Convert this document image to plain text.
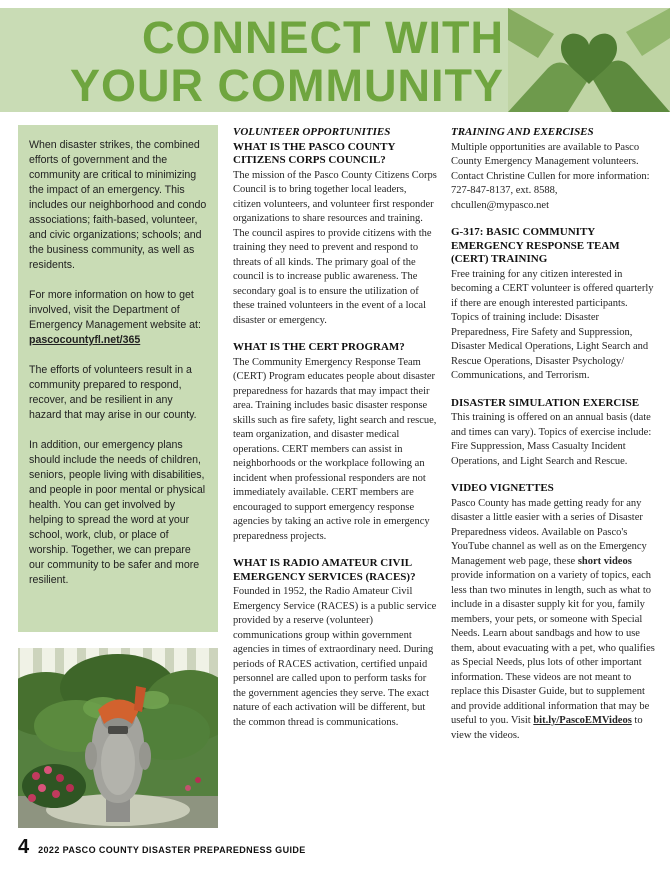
CONNECT WITH
YOUR COMMUNITY

When disaster strikes, the combined efforts of government and the community are critical to minimizing the impact of an emergency. This includes our neighborhood and condo associations; faith-based, volunteer, and civic organizations; schools; and the business community, as well as residents.

For more information on how to get involved, visit the Department of Emergency Management website at:
pascocountyfl.net/365

The efforts of volunteers result in a community prepared to respond, recover, and be resilient in any hazard that may arise in our county.

In addition, our emergency plans should include the needs of children, seniors, people living with disabilities, and people in poor mental or physical health. You can get involved by helping to spread the word at your school, work, club, or place of worship. Together, we can prepare our community to be safer and more resilient.

VOLUNTEER OPPORTUNITIES
WHAT IS THE PASCO COUNTY CITIZENS CORPS COUNCIL?

The mission of the Pasco County Citizens Corps Council is to bring together local leaders, citizen volunteers, and volunteer first responder organizations to share resources and training. The council aspires to provide citizens with the training they need to prevent and respond to threats of all kinds. The primary goal of the council is to increase public awareness. The secondary goal is to ensure the utilization of these trained volunteers in the event of a local disaster or emergency.

WHAT IS THE CERT PROGRAM?

The Community Emergency Response Team (CERT) Program educates people about disaster preparedness for hazards that may impact their area. Training includes basic disaster response skills such as fire safety, light search and rescue, team organization, and disaster medical operations. CERT members can assist in neighborhoods or the workplace following an incident when professional responders are not immediately available. CERT members are encouraged to support emergency response agencies by taking an active role in emergency preparedness projects.

WHAT IS RADIO AMATEUR CIVIL EMERGENCY SERVICES (RACES)?

Founded in 1952, the Radio Amateur Civil Emergency Service (RACES) is a public service provided by a reserve (volunteer) communications group within government agencies in times of extraordinary need. During periods of RACES activation, certified unpaid personnel are called upon to perform tasks for the government agencies they serve. The exact nature of each activation will be different, but the common thread is communications.

TRAINING AND EXERCISES

Multiple opportunities are available to Pasco County Emergency Management volunteers. Contact Christine Cullen for more information: 727-847-8137, ext. 8588, chcullen@mypasco.net

G-317: BASIC COMMUNITY EMERGENCY RESPONSE TEAM (CERT) TRAINING

Free training for any citizen interested in becoming a CERT volunteer is offered quarterly if there are enough interested participants. Topics of training include: Disaster Preparedness, Fire Safety and Suppression, Disaster Medical Operations, Light Search and Rescue Operations, Disaster Psychology/ Communications, and Terrorism.

DISASTER SIMULATION EXERCISE

This training is offered on an annual basis (date and times can vary). Topics of exercise include: Fire Suppression, Mass Casualty Incident Operations, and Light Search and Rescue.

VIDEO VIGNETTES

Pasco County has made getting ready for any disaster a little easier with a series of Disaster Preparedness videos. Available on Pasco's YouTube channel as well as on the Emergency Management web page, these short videos provide information on a variety of topics, each less than two minutes in length, such as what to include in a disaster supply kit for you, family members, your pets, or someone with Special Needs. Learn about sandbags and how to use them, about evacuating with a pet, who qualifies as Special Needs, plus lots of other important information. These videos are not meant to replace this Disaster Guide, but to supplement and provide additional information that may be useful to you. Visit bit.ly/PascoEMVideos to view the videos.

4 2022 PASCO COUNTY DISASTER PREPAREDNESS GUIDE
